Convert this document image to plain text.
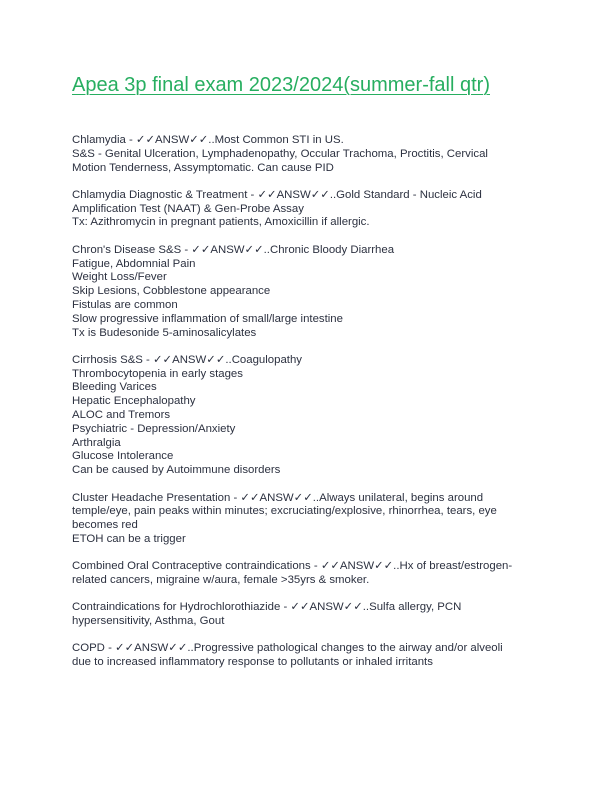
Apea 3p final exam 2023/2024(summer-fall qtr)
Chlamydia - ✓✓ANSW✓✓..Most Common STI in US.
S&S - Genital Ulceration, Lymphadenopathy, Occular Trachoma, Proctitis, Cervical
Motion Tenderness, Assymptomatic. Can cause PID
Chlamydia Diagnostic & Treatment - ✓✓ANSW✓✓..Gold Standard - Nucleic Acid
Amplification Test (NAAT) & Gen-Probe Assay
Tx: Azithromycin in pregnant patients, Amoxicillin if allergic.
Chron's Disease S&S - ✓✓ANSW✓✓..Chronic Bloody Diarrhea
Fatigue, Abdomnial Pain
Weight Loss/Fever
Skip Lesions, Cobblestone appearance
Fistulas are common
Slow progressive inflammation of small/large intestine
Tx is Budesonide 5-aminosalicylates
Cirrhosis S&S - ✓✓ANSW✓✓..Coagulopathy
Thrombocytopenia in early stages
Bleeding Varices
Hepatic Encephalopathy
ALOC and Tremors
Psychiatric - Depression/Anxiety
Arthralgia
Glucose Intolerance
Can be caused by Autoimmune disorders
Cluster Headache Presentation - ✓✓ANSW✓✓..Always unilateral, begins around
temple/eye, pain peaks within minutes; excruciating/explosive, rhinorrhea, tears, eye
becomes red
ETOH can be a trigger
Combined Oral Contraceptive contraindications - ✓✓ANSW✓✓..Hx of breast/estrogen-
related cancers, migraine w/aura, female >35yrs & smoker.
Contraindications for Hydrochlorothiazide - ✓✓ANSW✓✓..Sulfa allergy, PCN
hypersensitivity, Asthma, Gout
COPD - ✓✓ANSW✓✓..Progressive pathological changes to the airway and/or alveoli
due to increased inflammatory response to pollutants or inhaled irritants
